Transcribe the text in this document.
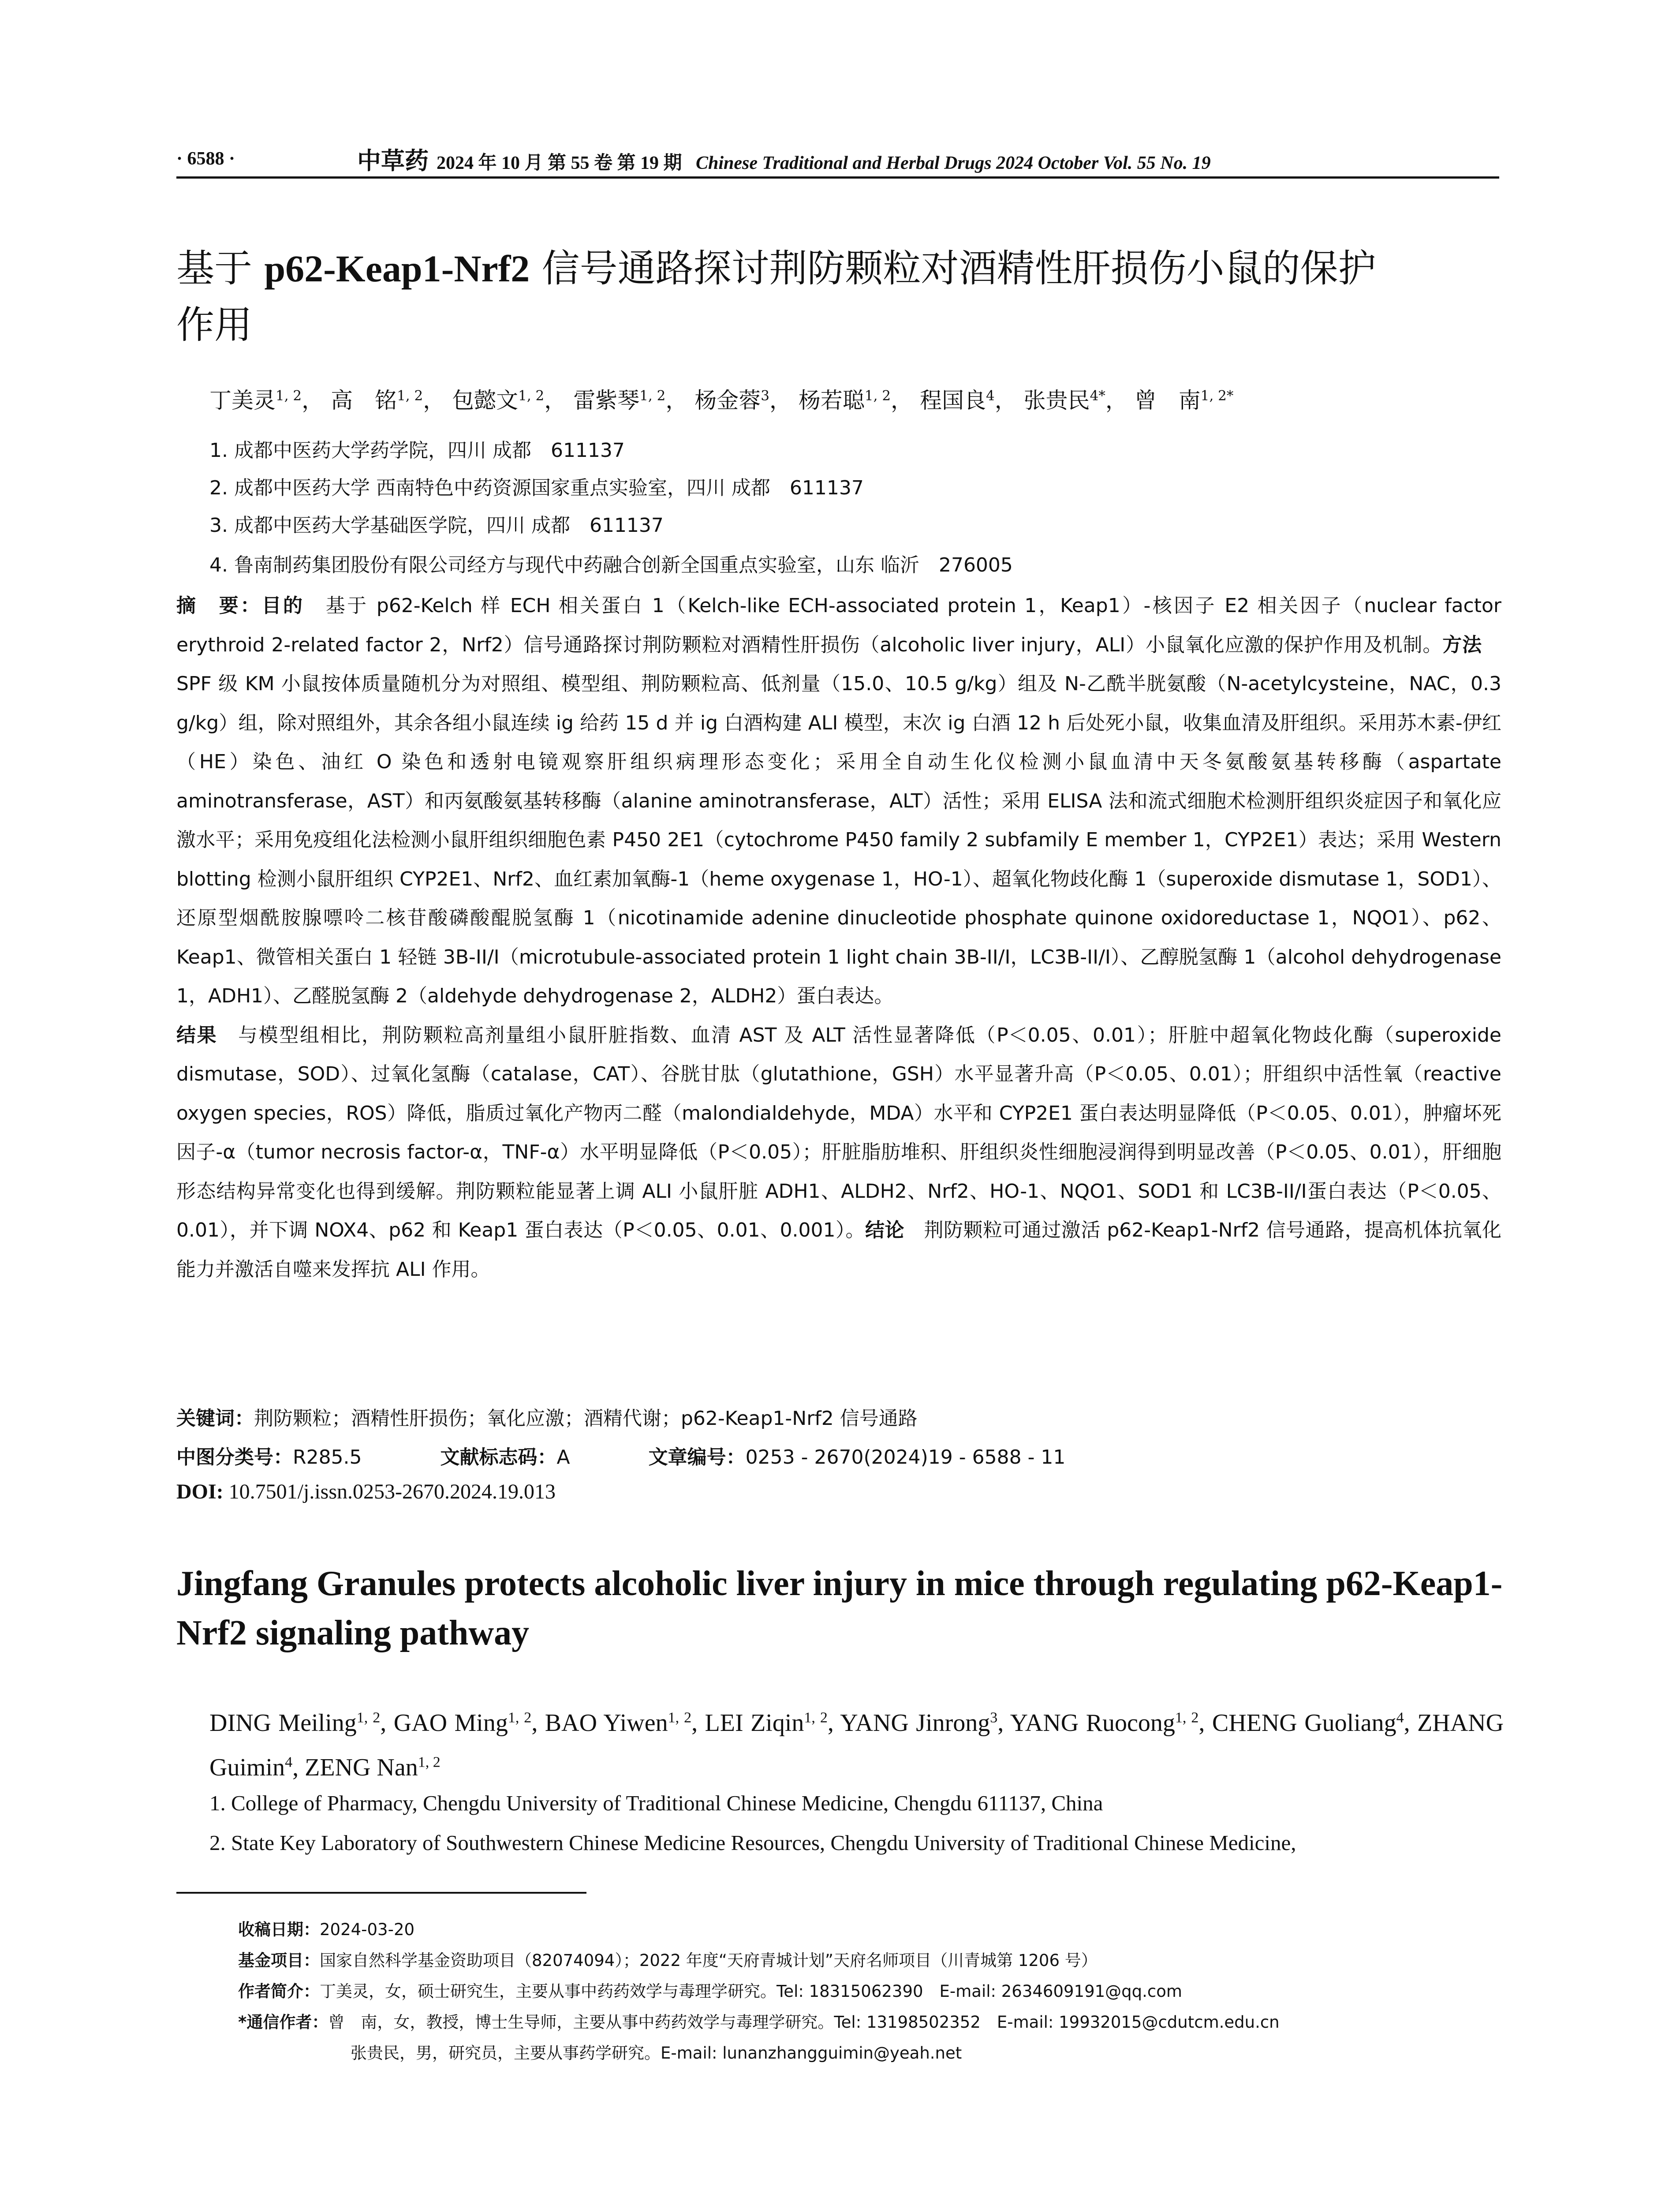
· 6588 ·	中草药 2024 年 10 月 第 55 卷 第 19 期 Chinese Traditional and Herbal Drugs 2024 October Vol. 55 No. 19
基于 p62-Keap1-Nrf2 信号通路探讨荆防颗粒对酒精性肝损伤小鼠的保护
作用
丁美灵$^{1, 2}$， 高　铭$^{1, 2}$， 包懿文$^{1, 2}$， 雷紫琴$^{1, 2}$， 杨金蓉$^3$， 杨若聪$^{1, 2}$， 程国良$^4$， 张贵民$^{4*}$， 曾　南$^{1, 2*}$
1. 成都中医药大学药学院，四川 成都　611137
2. 成都中医药大学 西南特色中药资源国家重点实验室，四川 成都　611137
3. 成都中医药大学基础医学院，四川 成都　611137
4. 鲁南制药集团股份有限公司经方与现代中药融合创新全国重点实验室，山东 临沂　276005
摘　要：目的　基于 p62-Kelch 样 ECH 相关蛋白 1（Kelch-like ECH-associated protein 1，Keap1）-核因子 E2 相关因子（nuclear factor erythroid 2-related factor 2，Nrf2）信号通路探讨荆防颗粒对酒精性肝损伤（alcoholic liver injury，ALI）小鼠氧化应激的保护作用及机制。方法　SPF 级 KM 小鼠按体质量随机分为对照组、模型组、荆防颗粒高、低剂量（15.0、10.5 g/kg）组及 N-乙酰半胱氨酸（N-acetylcysteine，NAC，0.3 g/kg）组，除对照组外，其余各组小鼠连续 ig 给药 15 d 并 ig 白酒构建 ALI 模型，末次 ig 白酒 12 h 后处死小鼠，收集血清及肝组织。采用苏木素-伊红（HE）染色、油红 O 染色和透射电镜观察肝组织病理形态变化；采用全自动生化仪检测小鼠血清中天冬氨酸氨基转移酶（aspartate aminotransferase，AST）和丙氨酸氨基转移酶（alanine aminotransferase，ALT）活性；采用 ELISA 法和流式细胞术检测肝组织炎症因子和氧化应激水平；采用免疫组化法检测小鼠肝组织细胞色素 P450 2E1（cytochrome P450 family 2 subfamily E member 1，CYP2E1）表达；采用 Western blotting 检测小鼠肝组织 CYP2E1、Nrf2、血红素加氧酶-1（heme oxygenase 1，HO-1）、超氧化物歧化酶 1（superoxide dismutase 1，SOD1）、还原型烟酰胺腺嘌呤二核苷酸磷酸醌脱氢酶 1（nicotinamide adenine dinucleotide phosphate quinone oxidoreductase 1，NQO1）、p62、Keap1、微管相关蛋白 1 轻链 3B-II/I（microtubule-associated protein 1 light chain 3B-II/I，LC3B-II/I）、乙醇脱氢酶 1（alcohol dehydrogenase 1，ADH1）、乙醛脱氢酶 2（aldehyde dehydrogenase 2，ALDH2）蛋白表达。
结果　与模型组相比，荆防颗粒高剂量组小鼠肝脏指数、血清 AST 及 ALT 活性显著降低（P＜0.05、0.01）；肝脏中超氧化物歧化酶（superoxide dismutase，SOD）、过氧化氢酶（catalase，CAT）、谷胱甘肽（glutathione，GSH）水平显著升高（P＜0.05、0.01）；肝组织中活性氧（reactive oxygen species，ROS）降低，脂质过氧化产物丙二醛（malondialdehyde，MDA）水平和 CYP2E1 蛋白表达明显降低（P＜0.05、0.01），肿瘤坏死因子-α（tumor necrosis factor-α，TNF-α）水平明显降低（P＜0.05）；肝脏脂肪堆积、肝组织炎性细胞浸润得到明显改善（P＜0.05、0.01），肝细胞形态结构异常变化也得到缓解。荆防颗粒能显著上调 ALI 小鼠肝脏 ADH1、ALDH2、Nrf2、HO-1、NQO1、SOD1 和 LC3B-II/I蛋白表达（P＜0.05、0.01），并下调 NOX4、p62 和 Keap1 蛋白表达（P＜0.05、0.01、0.001）。结论　荆防颗粒可通过激活 p62-Keap1-Nrf2 信号通路，提高机体抗氧化能力并激活自噬来发挥抗 ALI 作用。
关键词：荆防颗粒；酒精性肝损伤；氧化应激；酒精代谢；p62-Keap1-Nrf2 信号通路
中图分类号：R285.5	文献标志码：A	文章编号：0253 - 2670(2024)19 - 6588 - 11
DOI: 10.7501/j.issn.0253-2670.2024.19.013
Jingfang Granules protects alcoholic liver injury in mice through regulating p62-Keap1-Nrf2 signaling pathway
DING Meiling$^{1, 2}$, GAO Ming$^{1, 2}$, BAO Yiwen$^{1, 2}$, LEI Ziqin$^{1, 2}$, YANG Jinrong$^3$, YANG Ruocong$^{1, 2}$, CHENG Guoliang$^4$, ZHANG Guimin$^4$, ZENG Nan$^{1, 2}$
1. College of Pharmacy, Chengdu University of Traditional Chinese Medicine, Chengdu 611137, China
2. State Key Laboratory of Southwestern Chinese Medicine Resources, Chengdu University of Traditional Chinese Medicine,
收稿日期：2024-03-20
基金项目：国家自然科学基金资助项目（82074094）；2022 年度“天府青城计划”天府名师项目（川青城第 1206 号）
作者简介：丁美灵，女，硕士研究生，主要从事中药药效学与毒理学研究。Tel: 18315062390　E-mail: 2634609191@qq.com
*通信作者：曾　南，女，教授，博士生导师，主要从事中药药效学与毒理学研究。Tel: 13198502352　E-mail: 19932015@cdutcm.edu.cn
张贵民，男，研究员，主要从事药学研究。E-mail: lunanzhangguimin@yeah.net
